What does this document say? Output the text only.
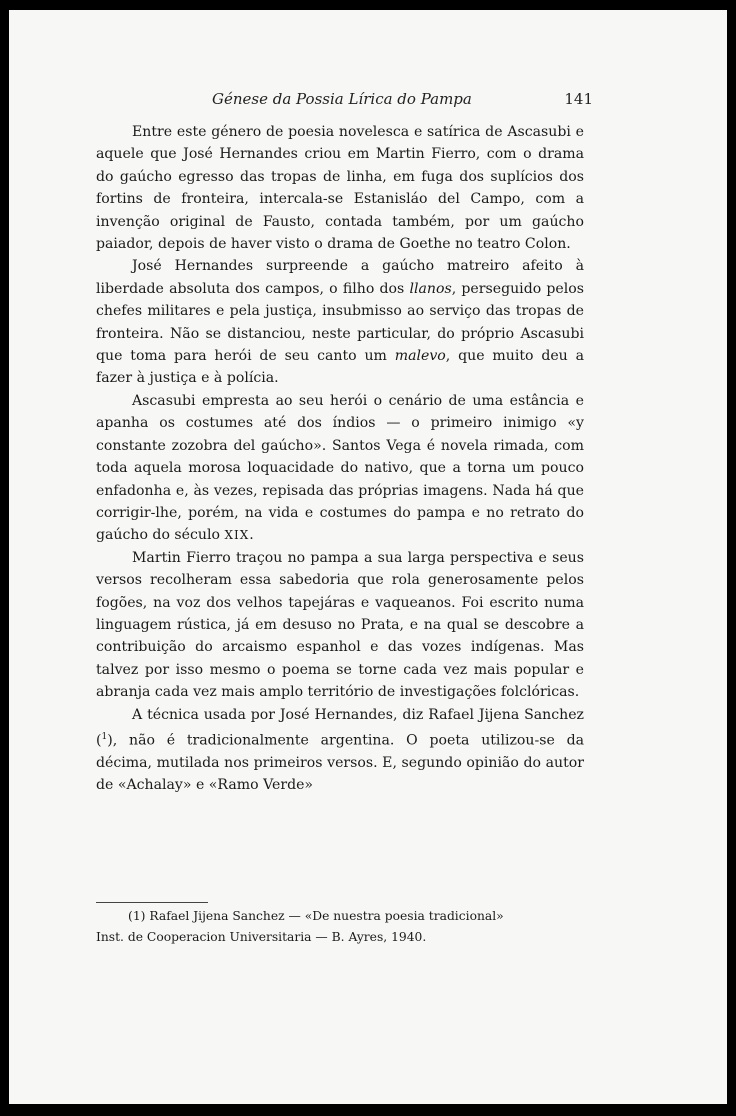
Génese da Possia Lírica do Pampa	141

Entre este género de poesia novelesca e satírica de Ascasubi e aquele que José Hernandes criou em Martin Fierro, com o drama do gaúcho egresso das tropas de linha, em fuga dos suplícios dos fortins de fronteira, intercala-se Estanisláo del Campo, com a invenção original de Fausto, contada também, por um gaúcho paiador, depois de haver visto o drama de Goethe no teatro Colon.

José Hernandes surpreende a gaúcho matreiro afeito à liberdade absoluta dos campos, o filho dos llanos, perseguido pelos chefes militares e pela justiça, insubmisso ao serviço das tropas de fronteira. Não se distanciou, neste particular, do próprio Ascasubi que toma para herói de seu canto um malevo, que muito deu a fazer à justiça e à polícia.

Ascasubi empresta ao seu herói o cenário de uma estância e apanha os costumes até dos índios — o primeiro inimigo «y constante zozobra del gaúcho». Santos Vega é novela rimada, com toda aquela morosa loquacidade do nativo, que a torna um pouco enfadonha e, às vezes, repisada das próprias imagens. Nada há que corrigir-lhe, porém, na vida e costumes do pampa e no retrato do gaúcho do século XIX.

Martin Fierro traçou no pampa a sua larga perspectiva e seus versos recolheram essa sabedoria que rola generosamente pelos fogões, na voz dos velhos tapejáras e vaqueanos. Foi escrito numa linguagem rústica, já em desuso no Prata, e na qual se descobre a contribuição do arcaismo espanhol e das vozes indígenas. Mas talvez por isso mesmo o poema se torne cada vez mais popular e abranja cada vez mais amplo território de investigações folclóricas.

A técnica usada por José Hernandes, diz Rafael Jijena Sanchez ($^1$), não é tradicionalmente argentina. O poeta utilizou-se da décima, mutilada nos primeiros versos. E, segundo opinião do autor de «Achalay» e «Ramo Verde»

(1) Rafael Jijena Sanchez — «De nuestra poesia tradicional»

Inst. de Cooperacion Universitaria — B. Ayres, 1940.
